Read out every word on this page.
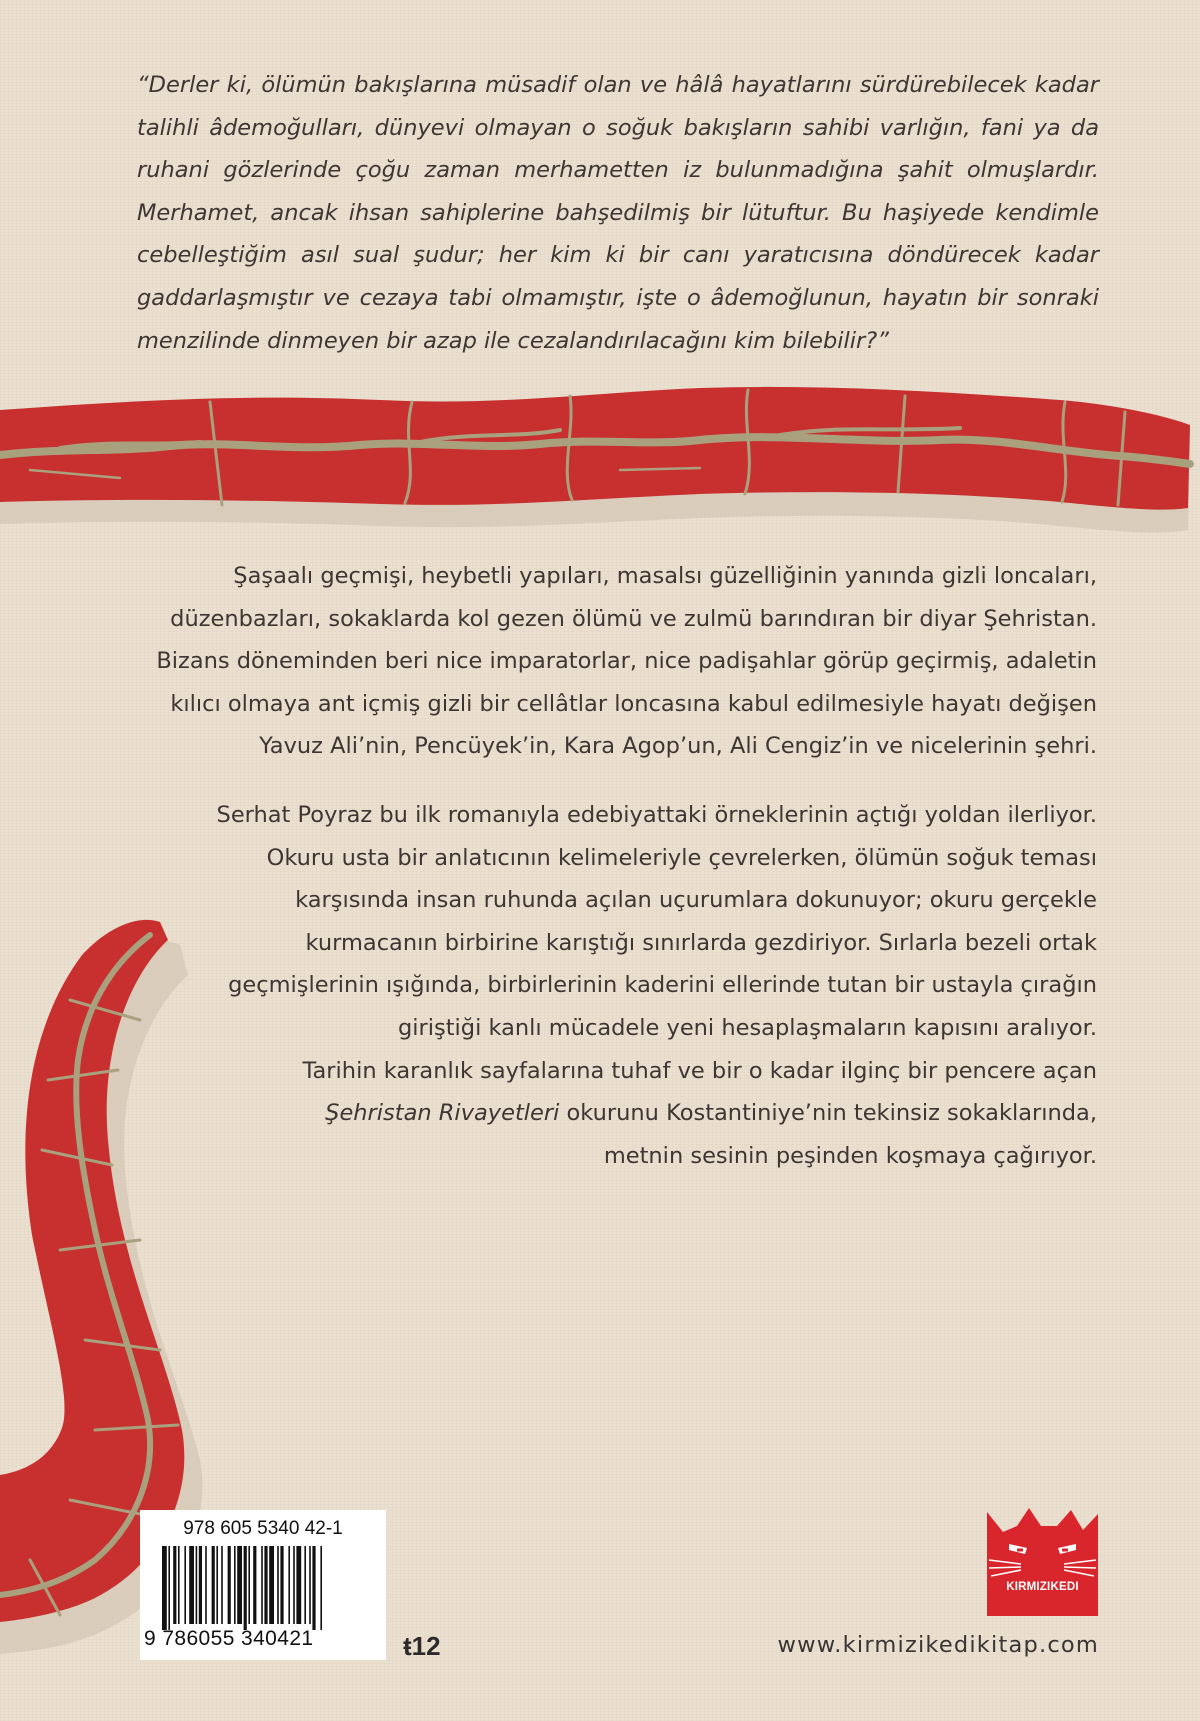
“Derler ki, ölümün bakışlarına müsadif olan ve hâlâ hayatlarını sürdürebilecek kadar talihli âdemoğulları, dünyevi olmayan o soğuk bakışların sahibi varlığın, fani ya da ruhani gözlerinde çoğu zaman merhametten iz bulunmadığına şahit olmuşlardır. Merhamet, ancak ihsan sahiplerine bahşedilmiş bir lütuftur. Bu haşiyede kendimle cebelleştiğim asıl sual şudur; her kim ki bir canı yaratıcısına döndürecek kadar gaddarlaşmıştır ve cezaya tabi olmamıştır, işte o âdemoğlunun, hayatın bir sonraki menzilinde dinmeyen bir azap ile cezalandırılacağını kim bilebilir?”

Şaşaalı geçmişi, heybetli yapıları, masalsı güzelliğinin yanında gizli loncaları,
düzenbazları, sokaklarda kol gezen ölümü ve zulmü barındıran bir diyar Şehristan.
Bizans döneminden beri nice imparatorlar, nice padişahlar görüp geçirmiş, adaletin
kılıcı olmaya ant içmiş gizli bir cellâtlar loncasına kabul edilmesiyle hayatı değişen
Yavuz Ali’nin, Pencüyek’in, Kara Agop’un, Ali Cengiz’in ve nicelerinin şehri.

Serhat Poyraz bu ilk romanıyla edebiyattaki örneklerinin açtığı yoldan ilerliyor.
Okuru usta bir anlatıcının kelimeleriyle çevrelerken, ölümün soğuk teması
karşısında insan ruhunda açılan uçurumlara dokunuyor; okuru gerçekle
kurmacanın birbirine karıştığı sınırlarda gezdiriyor. Sırlarla bezeli ortak
geçmişlerinin ışığında, birbirlerinin kaderini ellerinde tutan bir ustayla çırağın
giriştiği kanlı mücadele yeni hesaplaşmaların kapısını aralıyor.
Tarihin karanlık sayfalarına tuhaf ve bir o kadar ilginç bir pencere açan
Şehristan Rivayetleri okurunu Kostantiniye’nin tekinsiz sokaklarında,
metnin sesinin peşinden koşmaya çağırıyor.

978 605 5340 42-1
9 786055 340421	ŧ12
KIRMIZIKEDI
www.kirmizikedikitap.com
